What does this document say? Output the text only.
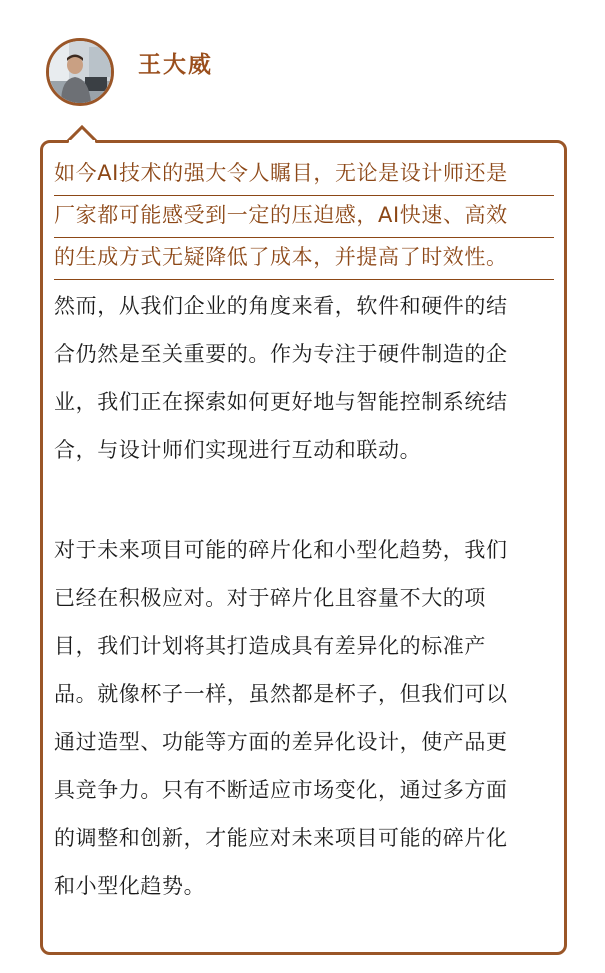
王大威
如今AI技术的强大令人瞩目，无论是设计师还是
厂家都可能感受到一定的压迫感，AI快速、高效
的生成方式无疑降低了成本，并提高了时效性。
然而，从我们企业的角度来看，软件和硬件的结
合仍然是至关重要的。作为专注于硬件制造的企
业，我们正在探索如何更好地与智能控制系统结
合，与设计师们实现进行互动和联动。
对于未来项目可能的碎片化和小型化趋势，我们
已经在积极应对。对于碎片化且容量不大的项
目，我们计划将其打造成具有差异化的标准产
品。就像杯子一样，虽然都是杯子，但我们可以
通过造型、功能等方面的差异化设计，使产品更
具竞争力。只有不断适应市场变化，通过多方面
的调整和创新，才能应对未来项目可能的碎片化
和小型化趋势。
